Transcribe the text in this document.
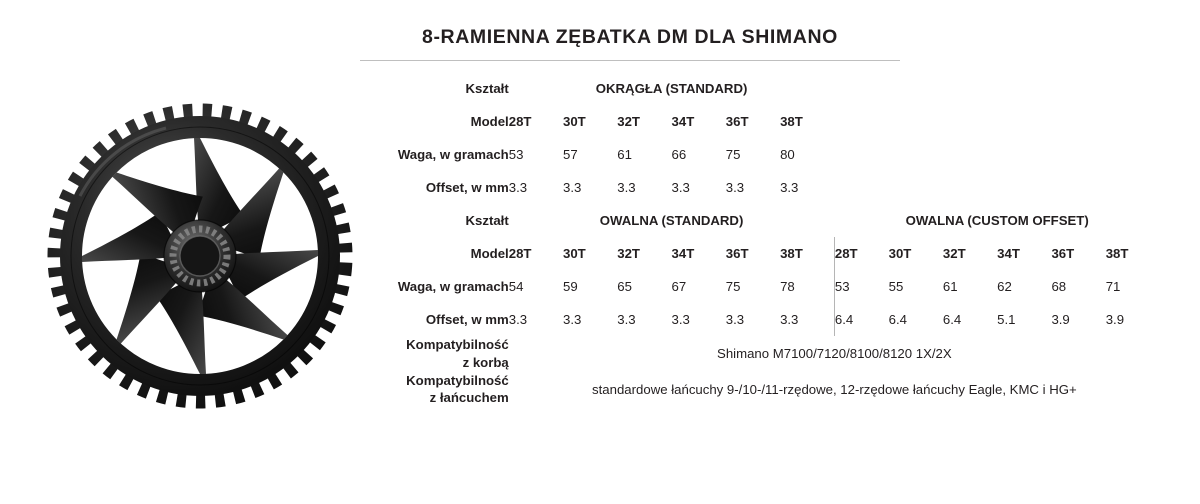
8-RAMIENNA ZĘBATKA DM DLA SHIMANO
Kształt	OKRĄGŁA (STANDARD)											
Model	28T	30T	32T	34T	36T	38T						
Waga, w gramach	53	57	61	66	75	80						
Offset, w mm	3.3	3.3	3.3	3.3	3.3	3.3						
Kształt	OWALNA (STANDARD)						OWALNA (CUSTOM OFFSET)					
Model	28T	30T	32T	34T	36T	38T	28T	30T	32T	34T	36T	38T
Waga, w gramach	54	59	65	67	75	78	53	55	61	62	68	71
Offset, w mm	3.3	3.3	3.3	3.3	3.3	3.3	6.4	6.4	6.4	5.1	3.9	3.9
Kompatybilność
z korbą	Shimano M7100/7120/8100/8120 1X/2X											
Kompatybilność
z łańcuchem	standardowe łańcuchy 9-/10-/11-rzędowe, 12-rzędowe łańcuchy Eagle, KMC i HG+											
